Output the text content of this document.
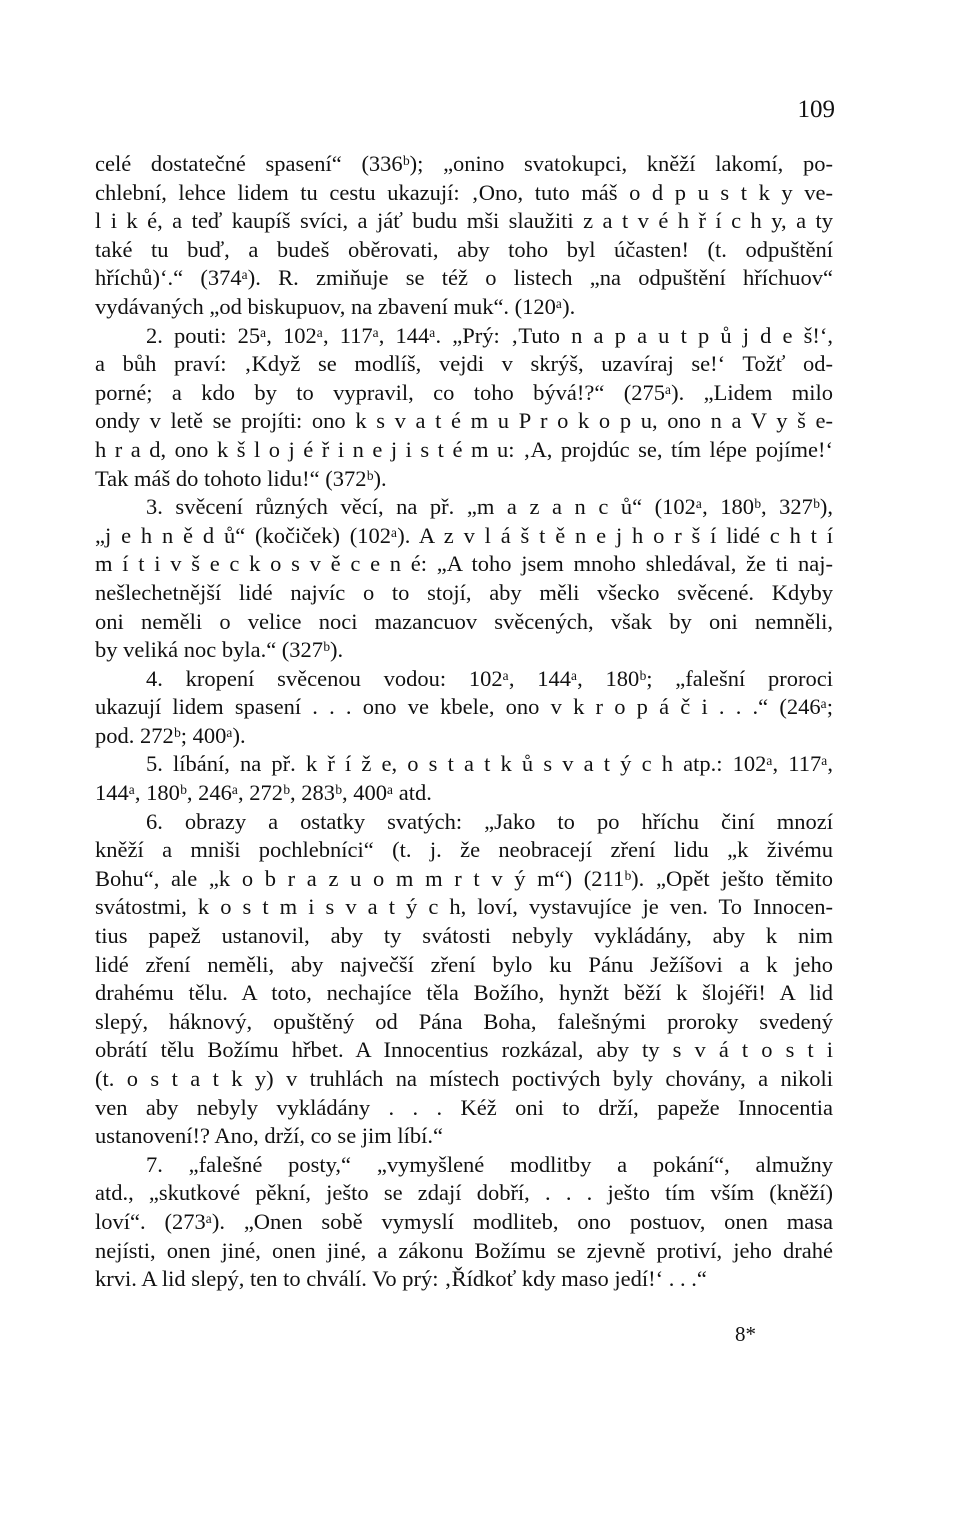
109
celé dostatečné spasení“ (336ᵇ); „onino svatokupci, kněží lakomí, po-
chlební, lehce lidem tu cestu ukazují: ‚Ono, tuto máš o d p u s t k y ve-
l i k é, a teď kaupíš svíci, a jáť budu mši slaužiti z a t v é h ř í c h y, a ty
také tu buď, a budeš oběrovati, aby toho byl účasten! (t. odpuštění
hříchů)‘.“ (374ᵃ). R. zmiňuje se též o listech „na odpuštění hříchuov“
vydávaných „od biskupuov, na zbavení muk“. (120ᵃ).
2. pouti: 25ᵃ, 102ᵃ, 117ᵃ, 144ᵃ. „Prý: ‚Tuto n a p a u t p ů j d e š!‘,
a bůh praví: ‚Když se modlíš, vejdi v skrýš, uzavíraj se!‘ Tožť od-
porné; a kdo by to vypravil, co toho bývá!?“ (275ᵃ). „Lidem milo
ondy v letě se projíti: ono k s v a t é m u P r o k o p u, ono n a V y š e-
h r a d, ono k š l o j é ř i n e j i s t é m u: ‚A, projdúc se, tím lépe pojíme!‘
Tak máš do tohoto lidu!“ (372ᵇ).
3. svěcení různých věcí, na př. „m a z a n c ů“ (102ᵃ, 180ᵇ, 327ᵇ),
„j e h n ě d ů“ (kočiček) (102ᵃ). A z v l á š t ě n e j h o r š í lidé c h t í
m í t i v š e c k o s v ě c e n é: „A toho jsem mnoho shledával, že ti naj-
nešlechetnější lidé najvíc o to stojí, aby měli všecko svěcené. Kdyby
oni neměli o velice noci mazancuov svěcených, však by oni nemněli,
by veliká noc byla.“ (327ᵇ).
4. kropení svěcenou vodou: 102ᵃ, 144ᵃ, 180ᵇ; „falešní proroci
ukazují lidem spasení . . . ono ve kbele, ono v k r o p á č i . . .“ (246ᵃ;
pod. 272ᵇ; 400ᵃ).
5. líbání, na př. k ř í ž e, o s t a t k ů s v a t ý c h atp.: 102ᵃ, 117ᵃ,
144ᵃ, 180ᵇ, 246ᵃ, 272ᵇ, 283ᵇ, 400ᵃ atd.
6. obrazy a ostatky svatých: „Jako to po hříchu činí mnozí
kněží a mniši pochlebníci“ (t. j. že neobracejí zření lidu „k živému
Bohu“, ale „k o b r a z u o m m r t v ý m“) (211ᵇ). „Opět ješto těmito
svátostmi, k o s t m i s v a t ý c h, loví, vystavujíce je ven. To Innocen-
tius papež ustanovil, aby ty svátosti nebyly vykládány, aby k nim
lidé zření neměli, aby največší zření bylo ku Pánu Ježíšovi a k jeho
drahému tělu. A toto, nechajíce těla Božího, hynžt běží k šlojéři! A lid
slepý, háknový, opuštěný od Pána Boha, falešnými proroky svedený
obrátí tělu Božímu hřbet. A Innocentius rozkázal, aby ty s v á t o s t i
(t. o s t a t k y) v truhlách na místech poctivých byly chovány, a nikoli
ven aby nebyly vykládány . . . Kéž oni to drží, papeže Innocentia
ustanovení!? Ano, drží, co se jim líbí.“
7. „falešné posty,“ „vymyšlené modlitby a pokání“, almužny
atd., „skutkové pěkní, ješto se zdají dobří, . . . ješto tím vším (kněží)
loví“. (273ᵃ). „Onen sobě vymyslí modliteb, ono postuov, onen masa
nejísti, onen jiné, onen jiné, a zákonu Božímu se zjevně protiví, jeho drahé
krvi. A lid slepý, ten to chválí. Vo prý: ‚Řídkoť kdy maso jedí!‘ . . .“
8*
